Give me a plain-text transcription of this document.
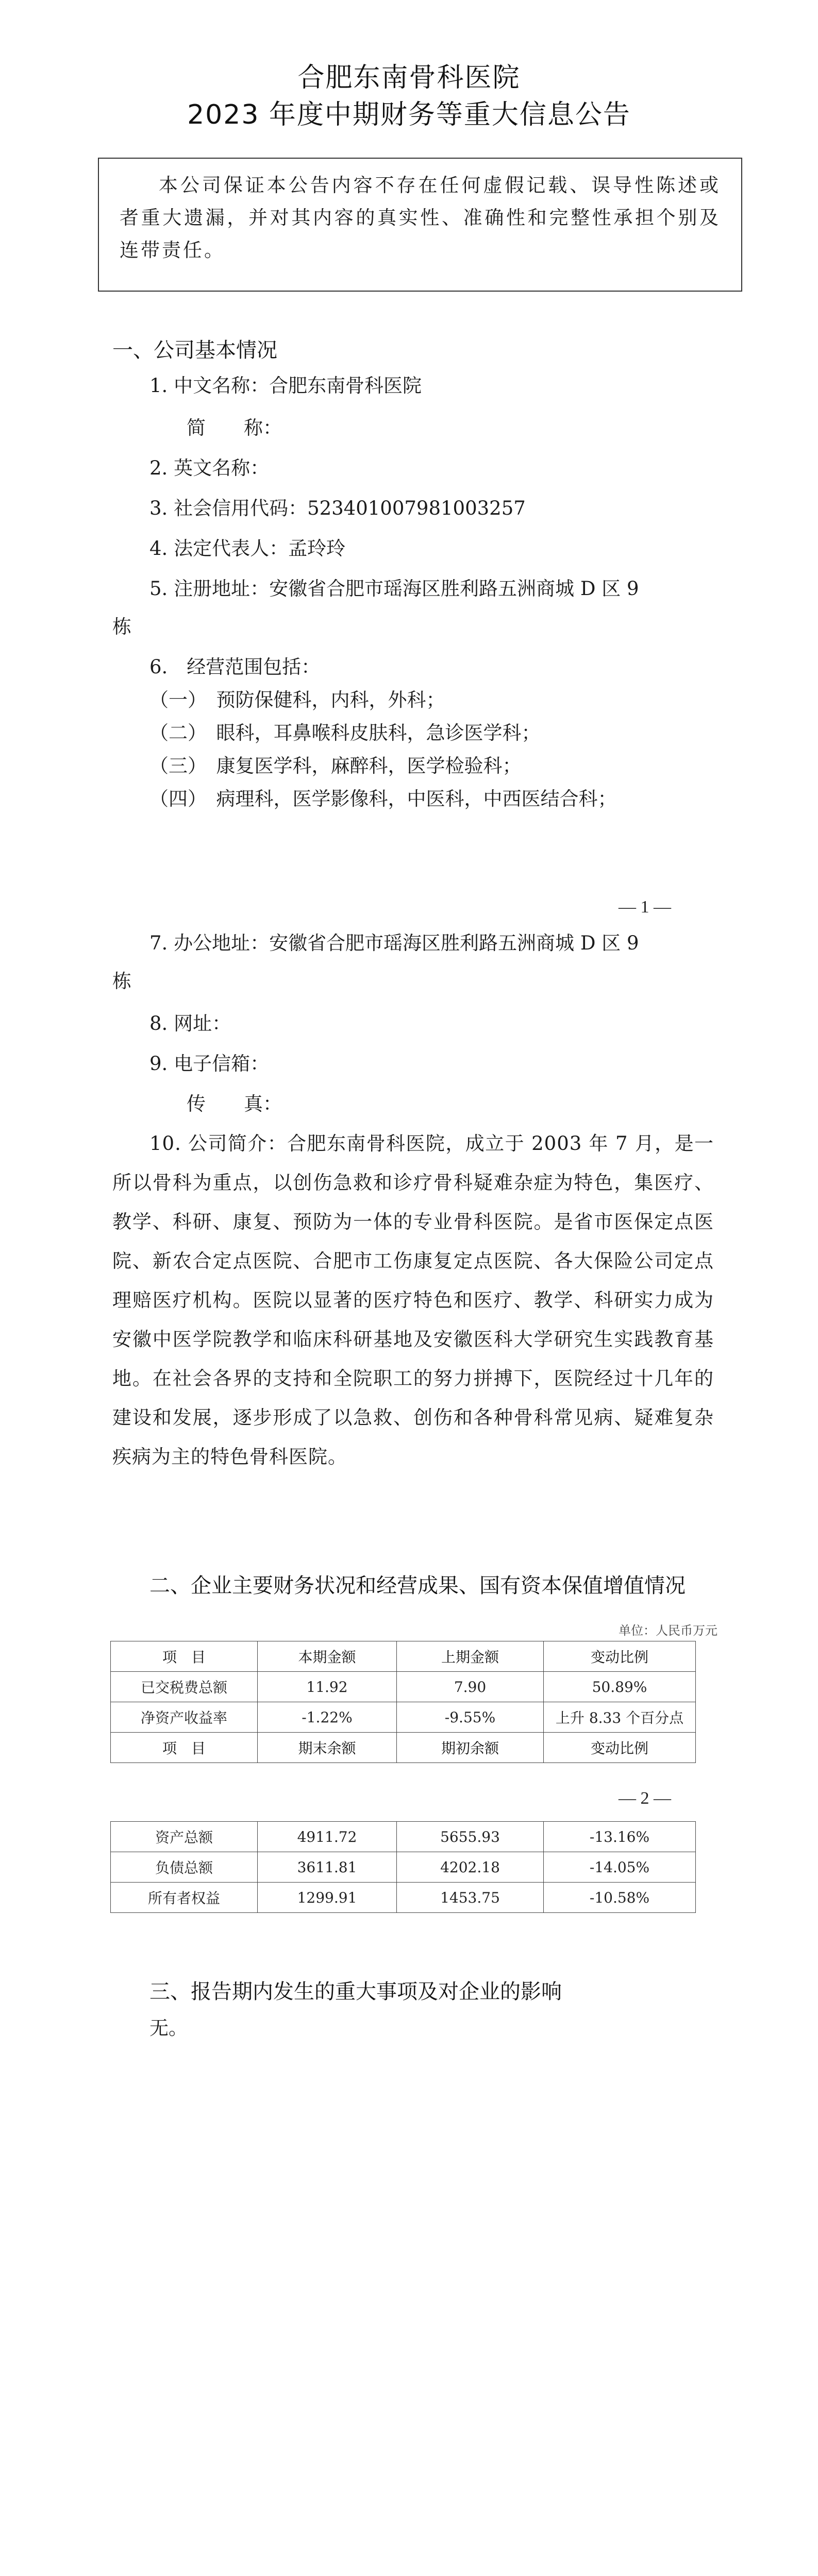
合肥东南骨科医院
2023 年度中期财务等重大信息公告
本公司保证本公告内容不存在任何虚假记载、误导性陈述或者重大遗漏，并对其内容的真实性、准确性和完整性承担个别及连带责任。
一、公司基本情况
1. 中文名称：合肥东南骨科医院
简　　称：
2. 英文名称：
3. 社会信用代码：52340100798100325​7
4. 法定代表人：孟玲玲
5. 注册地址：安徽省合肥市瑶海区胜利路五洲商城 D 区 9
栋
6.　经营范围包括：
（一）　预防保健科，内科，外科；
（二）　眼科，耳鼻喉科皮肤科，急诊医学科；
（三）　康复医学科，麻醉科，医学检验科；
（四）　病理科，医学影像科，中医科，中西医结合科；
— 1 —
7. 办公地址：安徽省合肥市瑶海区胜利路五洲商城 D 区 9
栋
8. 网址：
9. 电子信箱：
传　　真：
10. 公司简介：合肥东南骨科医院，成立于 2003 年 7 月，是一所以骨科为重点，以创伤急救和诊疗骨科疑难杂症为特色，集医疗、教学、科研、康复、预防为一体的专业骨科医院。是省市医保定点医院、新农合定点医院、合肥市工伤康复定点医院、各大保险公司定点理赔医疗机构。医院以显著的医疗特色和医疗、教学、科研实力成为安徽中医学院教学和临床科研基地及安徽医科大学研究生实践教育基地。在社会各界的支持和全院职工的努力拼搏下，医院经过十几年的建设和发展，逐步形成了以急救、创伤和各种骨科常见病、疑难复杂疾病为主的特色骨科医院。
二、企业主要财务状况和经营成果、国有资本保值增值情况
单位：人民币万元
项　目	本期金额	上期金额	变动比例
已交税费总额	11.92	7.90	50.89%
净资产收益率	-1.22%	-9.55%	上升 8.33 个百分点
项　目	期末余额	期初余额	变动比例
— 2 —
资产总额	4911.72	5655.93	-13.16%
负债总额	3611.81	4202.18	-14.05%
所有者权益	1299.91	1453.75	-10.58%
三、报告期内发生的重大事项及对企业的影响
无。
